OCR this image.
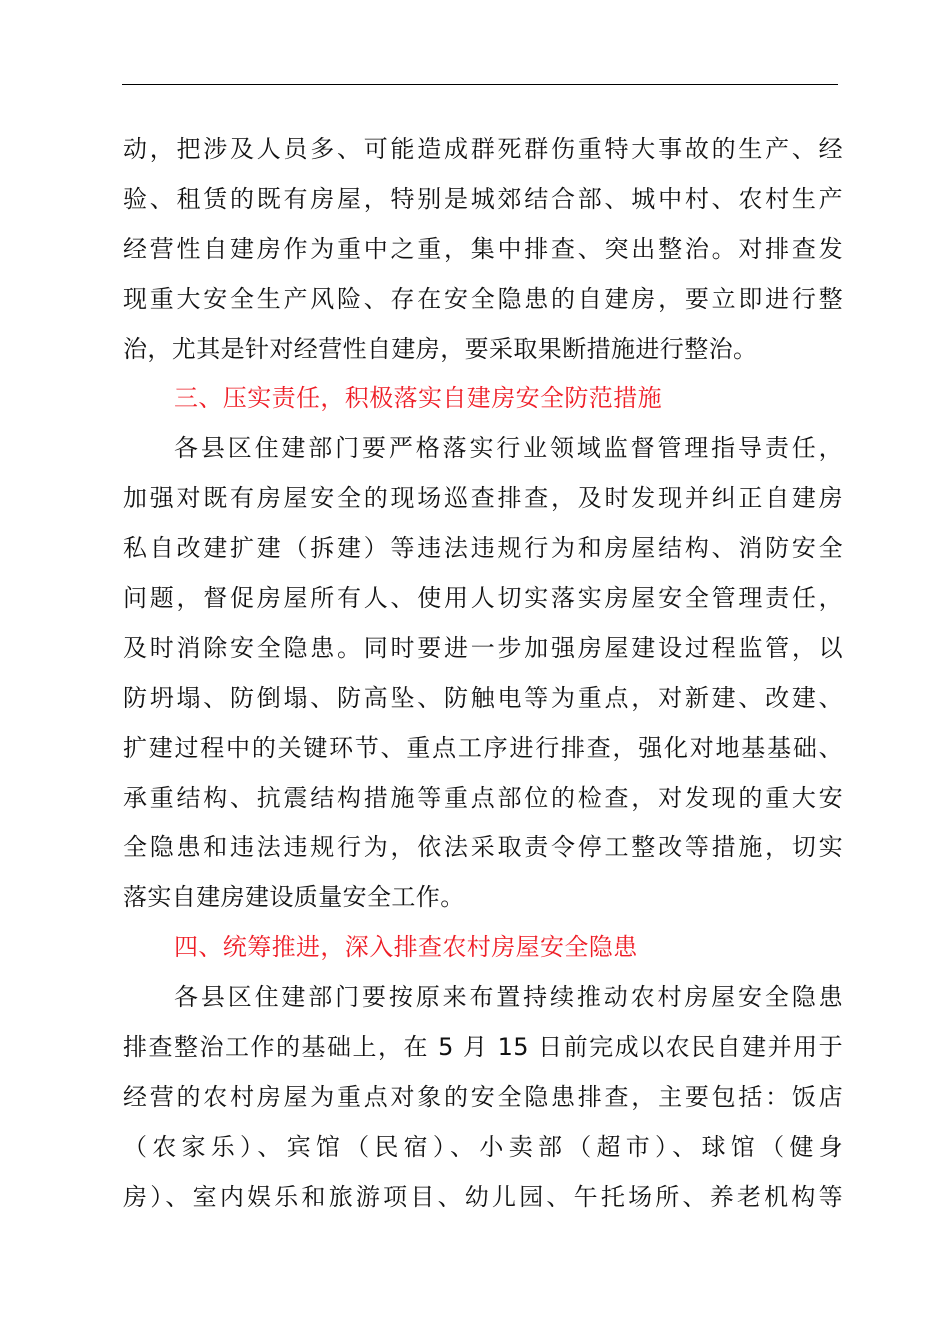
动，把涉及人员多、可能造成群死群伤重特大事故的生产、经
验、租赁的既有房屋，特别是城郊结合部、城中村、农村生产
经营性自建房作为重中之重，集中排查、突出整治。对排查发
现重大安全生产风险、存在安全隐患的自建房，要立即进行整
治，尤其是针对经营性自建房，要采取果断措施进行整治。
三、压实责任，积极落实自建房安全防范措施
各县区住建部门要严格落实行业领域监督管理指导责任，
加强对既有房屋安全的现场巡查排查，及时发现并纠正自建房
私自改建扩建（拆建）等违法违规行为和房屋结构、消防安全
问题，督促房屋所有人、使用人切实落实房屋安全管理责任，
及时消除安全隐患。同时要进一步加强房屋建设过程监管，以
防坍塌、防倒塌、防高坠、防触电等为重点，对新建、改建、
扩建过程中的关键环节、重点工序进行排查，强化对地基基础、
承重结构、抗震结构措施等重点部位的检查，对发现的重大安
全隐患和违法违规行为，依法采取责令停工整改等措施，切实
落实自建房建设质量安全工作。
四、统筹推进，深入排查农村房屋安全隐患
各县区住建部门要按原来布置持续推动农村房屋安全隐患
排查整治工作的基础上，在 5 月 15 日前完成以农民自建并用于
经营的农村房屋为重点对象的安全隐患排查，主要包括：饭店
（农家乐）、宾馆（民宿）、小卖部（超市）、球馆（健身
房）、室内娱乐和旅游项目、幼儿园、午托场所、养老机构等
